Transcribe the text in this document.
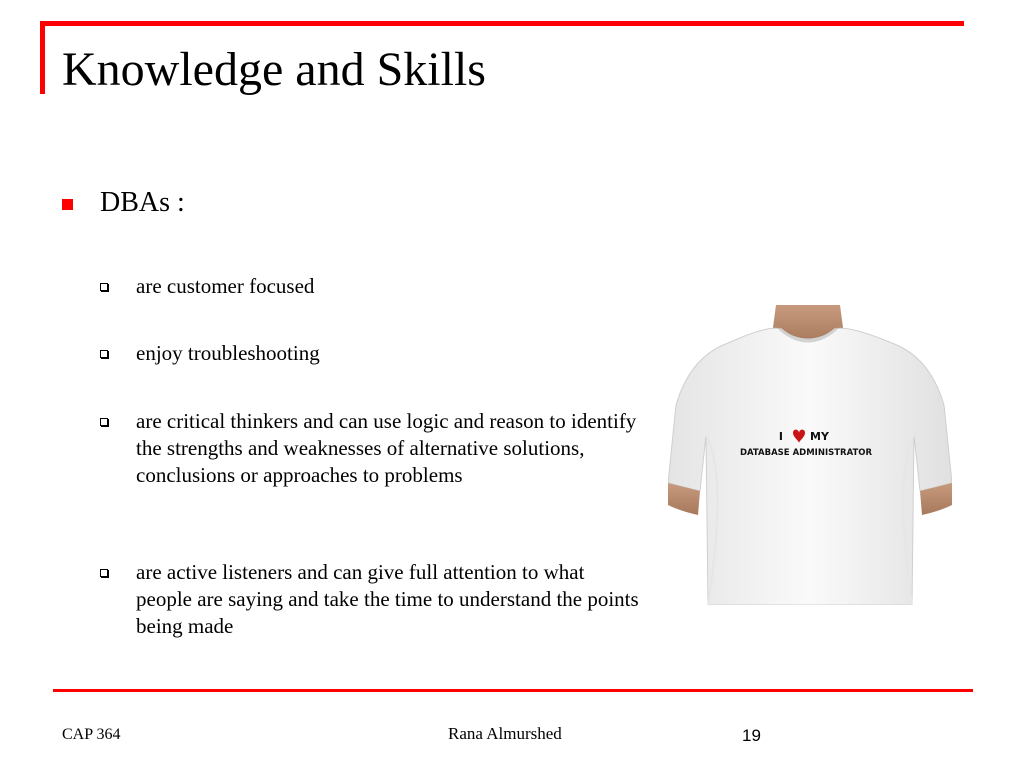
Knowledge and Skills
DBAs :
are customer focused
enjoy troubleshooting
are critical thinkers and can use logic and reason to identify the strengths and weaknesses of alternative solutions, conclusions or approaches to problems
are active listeners and can give full attention to what people are saying and take the time to understand the points being made
I MY
DATABASE ADMINISTRATOR
CAP 364	Rana Almurshed	19
